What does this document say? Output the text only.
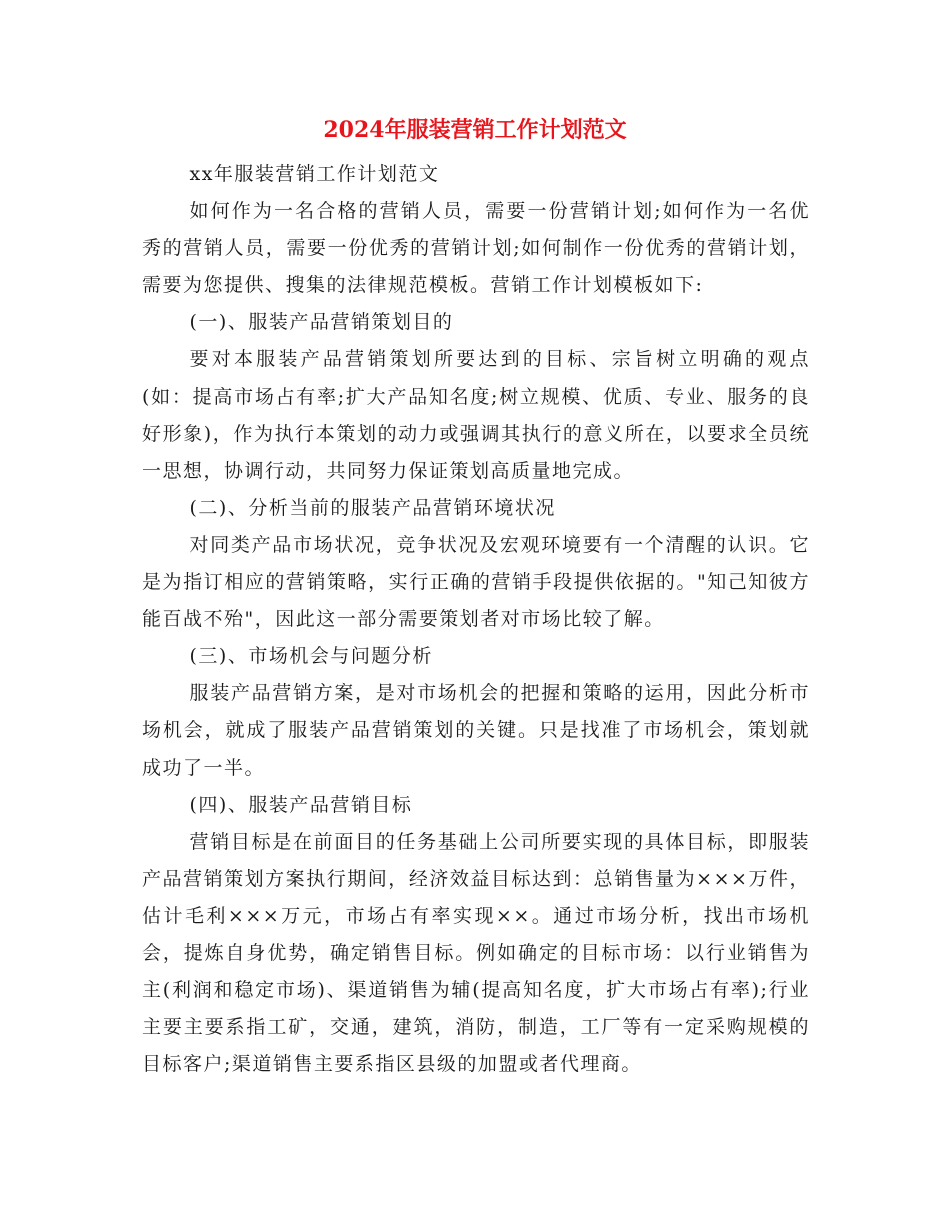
2024年服装营销工作计划范文

xx年服装营销工作计划范文

如何作为一名合格的营销人员，需要一份营销计划;如何作为一名优秀的营销人员，需要一份优秀的营销计划;如何制作一份优秀的营销计划，需要为您提供、搜集的法律规范模板。营销工作计划模板如下:

(一)、服装产品营销策划目的

要对本服装产品营销策划所要达到的目标、宗旨树立明确的观点(如：提高市场占有率;扩大产品知名度;树立规模、优质、专业、服务的良好形象)，作为执行本策划的动力或强调其执行的意义所在，以要求全员统一思想，协调行动，共同努力保证策划高质量地完成。

(二)、分析当前的服装产品营销环境状况

对同类产品市场状况，竞争状况及宏观环境要有一个清醒的认识。它是为指订相应的营销策略，实行正确的营销手段提供依据的。"知己知彼方能百战不殆"，因此这一部分需要策划者对市场比较了解。

(三)、市场机会与问题分析

服装产品营销方案，是对市场机会的把握和策略的运用，因此分析市场机会，就成了服装产品营销策划的关键。只是找准了市场机会，策划就成功了一半。

(四)、服装产品营销目标

营销目标是在前面目的任务基础上公司所要实现的具体目标，即服装产品营销策划方案执行期间，经济效益目标达到：总销售量为×××万件，估计毛利×××万元，市场占有率实现××。通过市场分析，找出市场机会，提炼自身优势，确定销售目标。例如确定的目标市场：以行业销售为主(利润和稳定市场)、渠道销售为辅(提高知名度，扩大市场占有率);行业主要主要系指工矿，交通，建筑，消防，制造，工厂等有一定采购规模的目标客户;渠道销售主要系指区县级的加盟或者代理商。
